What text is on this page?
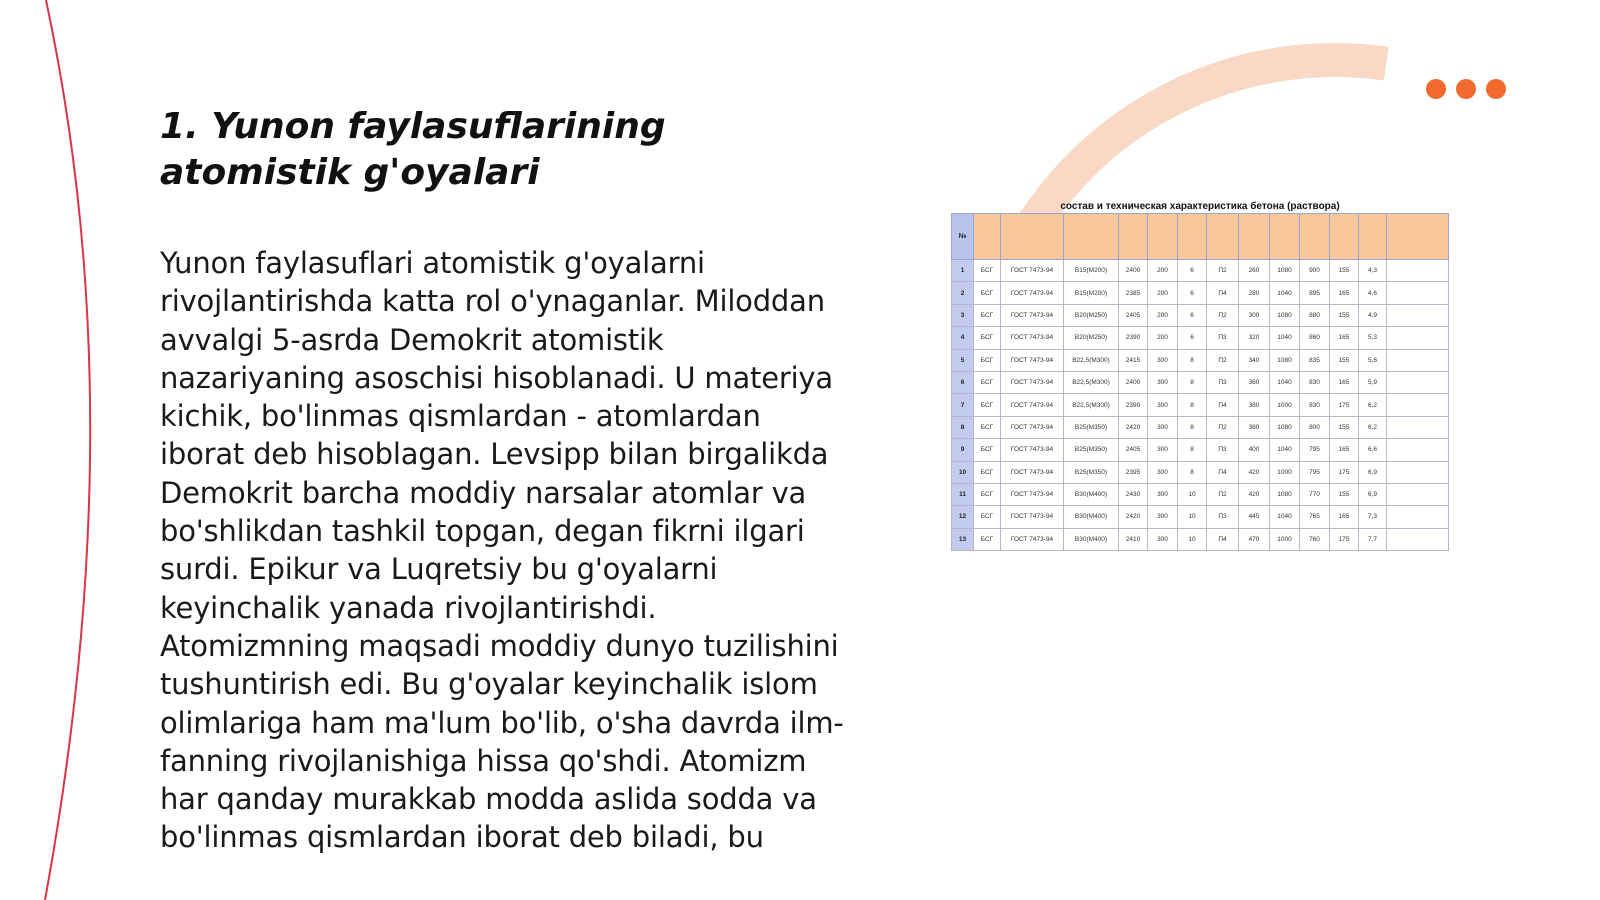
1. Yunon faylasuflarining atomistik g'oyalari

Yunon faylasuflari atomistik g'oyalarni rivojlantirishda katta rol o'ynaganlar. Miloddan avvalgi 5-asrda Demokrit atomistik nazariyaning asoschisi hisoblanadi. U materiya kichik, bo'linmas qismlardan - atomlardan iborat deb hisoblagan. Levsipp bilan birgalikda Demokrit barcha moddiy narsalar atomlar va bo'shlikdan tashkil topgan, degan fikrni ilgari surdi. Epikur va Luqretsiy bu g'oyalarni keyinchalik yanada rivojlantirishdi. Atomizmning maqsadi moddiy dunyo tuzilishini tushuntirish edi. Bu g'oyalar keyinchalik islom olimlariga ham ma'lum bo'lib, o'sha davrda ilm-fanning rivojlanishiga hissa qo'shdi. Atomizm har qanday murakkab modda aslida sodda va bo'linmas qismlardan iborat deb biladi, bu

состав и техническая характеристика бетона (раствора)
№													
1	БСГ	ГОСТ 7473-94	B15(M200)	2400	200	6	П2	260	1080	900	155	4,3	
2	БСГ	ГОСТ 7473-94	B15(M200)	2385	200	6	П4	280	1040	895	165	4,6	
3	БСГ	ГОСТ 7473-94	B20(M250)	2405	200	6	П2	300	1080	880	155	4,9	
4	БСГ	ГОСТ 7473-94	B20(M250)	2390	200	6	П3	320	1040	860	165	5,3	
5	БСГ	ГОСТ 7473-94	B22,5(M300)	2415	300	8	П2	340	1080	835	155	5,6	
6	БСГ	ГОСТ 7473-94	B22,5(M300)	2400	300	8	П3	360	1040	830	165	5,9	
7	БСГ	ГОСТ 7473-94	B22,5(M300)	2390	300	8	П4	380	1000	830	175	6,2	
8	БСГ	ГОСТ 7473-94	B25(M350)	2420	300	8	П2	380	1080	800	155	6,2	
9	БСГ	ГОСТ 7473-94	B25(M350)	2405	300	8	П3	400	1040	795	165	6,6	
10	БСГ	ГОСТ 7473-94	B25(M350)	2395	300	8	П4	420	1000	795	175	6,9	
11	БСГ	ГОСТ 7473-94	B30(M400)	2430	300	10	П2	420	1080	770	155	6,9	
12	БСГ	ГОСТ 7473-94	B30(M400)	2420	300	10	П3	445	1040	765	165	7,3	
13	БСГ	ГОСТ 7473-94	B30(M400)	2410	300	10	П4	470	1000	760	175	7,7	
